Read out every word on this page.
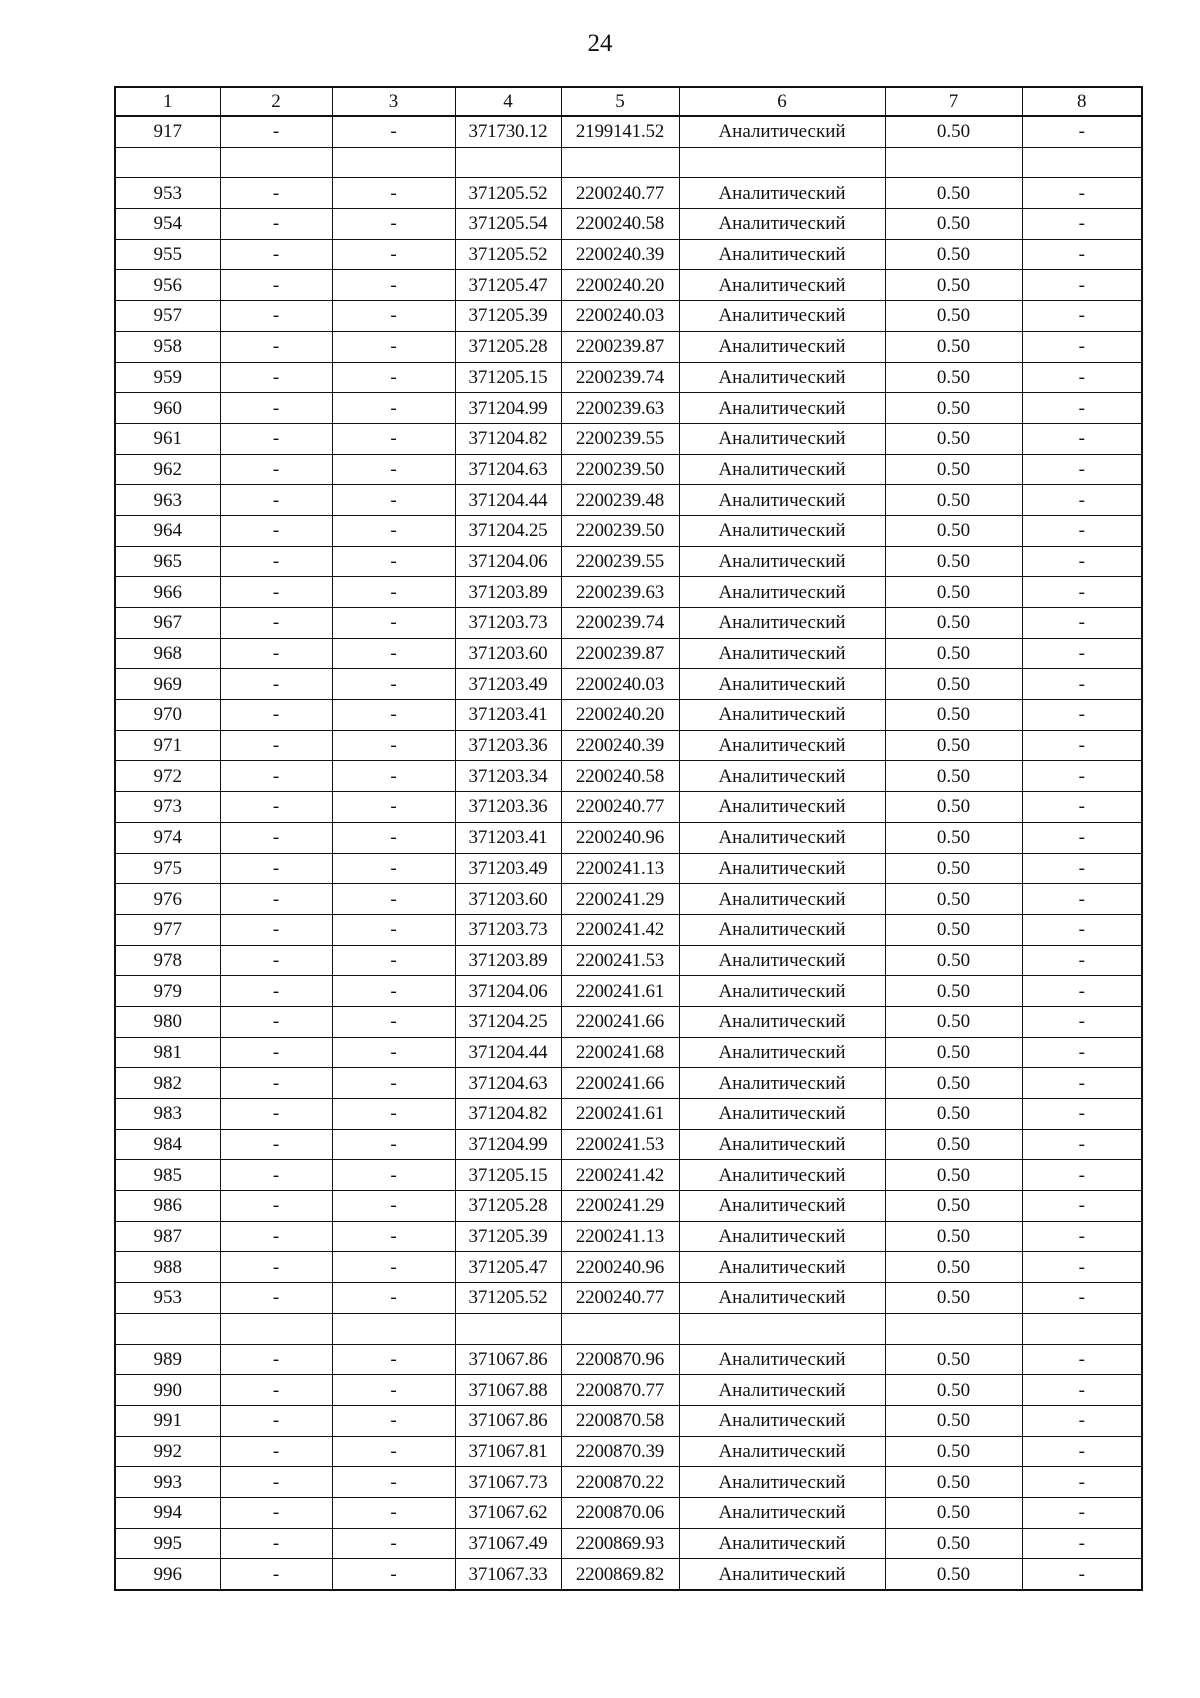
24
1	2	3	4	5	6	7	8
917	-	-	371730.12	2199141.52	Аналитический	0.50	-

953	-	-	371205.52	2200240.77	Аналитический	0.50	-
954	-	-	371205.54	2200240.58	Аналитический	0.50	-
955	-	-	371205.52	2200240.39	Аналитический	0.50	-
956	-	-	371205.47	2200240.20	Аналитический	0.50	-
957	-	-	371205.39	2200240.03	Аналитический	0.50	-
958	-	-	371205.28	2200239.87	Аналитический	0.50	-
959	-	-	371205.15	2200239.74	Аналитический	0.50	-
960	-	-	371204.99	2200239.63	Аналитический	0.50	-
961	-	-	371204.82	2200239.55	Аналитический	0.50	-
962	-	-	371204.63	2200239.50	Аналитический	0.50	-
963	-	-	371204.44	2200239.48	Аналитический	0.50	-
964	-	-	371204.25	2200239.50	Аналитический	0.50	-
965	-	-	371204.06	2200239.55	Аналитический	0.50	-
966	-	-	371203.89	2200239.63	Аналитический	0.50	-
967	-	-	371203.73	2200239.74	Аналитический	0.50	-
968	-	-	371203.60	2200239.87	Аналитический	0.50	-
969	-	-	371203.49	2200240.03	Аналитический	0.50	-
970	-	-	371203.41	2200240.20	Аналитический	0.50	-
971	-	-	371203.36	2200240.39	Аналитический	0.50	-
972	-	-	371203.34	2200240.58	Аналитический	0.50	-
973	-	-	371203.36	2200240.77	Аналитический	0.50	-
974	-	-	371203.41	2200240.96	Аналитический	0.50	-
975	-	-	371203.49	2200241.13	Аналитический	0.50	-
976	-	-	371203.60	2200241.29	Аналитический	0.50	-
977	-	-	371203.73	2200241.42	Аналитический	0.50	-
978	-	-	371203.89	2200241.53	Аналитический	0.50	-
979	-	-	371204.06	2200241.61	Аналитический	0.50	-
980	-	-	371204.25	2200241.66	Аналитический	0.50	-
981	-	-	371204.44	2200241.68	Аналитический	0.50	-
982	-	-	371204.63	2200241.66	Аналитический	0.50	-
983	-	-	371204.82	2200241.61	Аналитический	0.50	-
984	-	-	371204.99	2200241.53	Аналитический	0.50	-
985	-	-	371205.15	2200241.42	Аналитический	0.50	-
986	-	-	371205.28	2200241.29	Аналитический	0.50	-
987	-	-	371205.39	2200241.13	Аналитический	0.50	-
988	-	-	371205.47	2200240.96	Аналитический	0.50	-
953	-	-	371205.52	2200240.77	Аналитический	0.50	-

989	-	-	371067.86	2200870.96	Аналитический	0.50	-
990	-	-	371067.88	2200870.77	Аналитический	0.50	-
991	-	-	371067.86	2200870.58	Аналитический	0.50	-
992	-	-	371067.81	2200870.39	Аналитический	0.50	-
993	-	-	371067.73	2200870.22	Аналитический	0.50	-
994	-	-	371067.62	2200870.06	Аналитический	0.50	-
995	-	-	371067.49	2200869.93	Аналитический	0.50	-
996	-	-	371067.33	2200869.82	Аналитический	0.50	-
